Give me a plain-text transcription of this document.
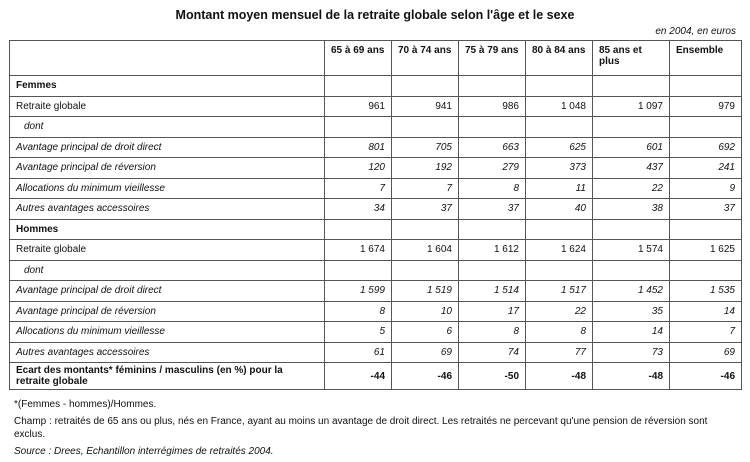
Montant moyen mensuel de la retraite globale selon l'âge et le sexe
en 2004, en euros
	65 à 69 ans	70 à 74 ans	75 à 79 ans	80 à 84 ans	85 ans et plus	Ensemble
Femmes						
Retraite globale	961	941	986	1 048	1 097	979
dont						
Avantage principal de droit direct	801	705	663	625	601	692
Avantage principal de réversion	120	192	279	373	437	241
Allocations du minimum vieillesse	7	7	8	11	22	9
Autres avantages accessoires	34	37	37	40	38	37
Hommes						
Retraite globale	1 674	1 604	1 612	1 624	1 574	1 625
dont						
Avantage principal de droit direct	1 599	1 519	1 514	1 517	1 452	1 535
Avantage principal de réversion	8	10	17	22	35	14
Allocations du minimum vieillesse	5	6	8	8	14	7
Autres avantages accessoires	61	69	74	77	73	69
Ecart des montants* féminins / masculins (en %) pour la retraite globale	-44	-46	-50	-48	-48	-46
*(Femmes - hommes)/Hommes.
Champ : retraités de 65 ans ou plus, nés en France, ayant au moins un avantage de droit direct. Les retraités ne percevant qu'une pension de réversion sont exclus.
Source : Drees, Echantillon interrégimes de retraités 2004.
